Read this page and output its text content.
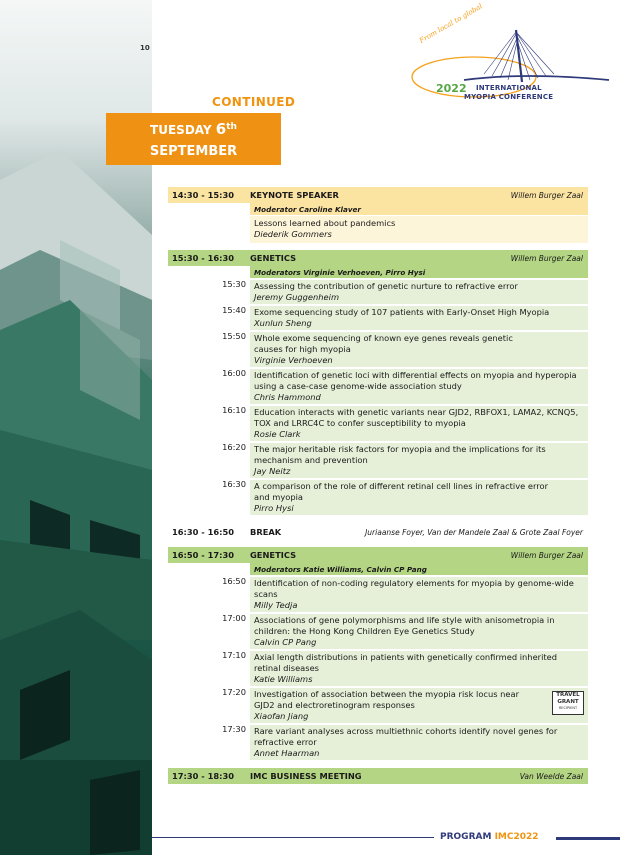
10
From local to global
2022 INTERNATIONAL
MYOPIA CONFERENCE
CONTINUED
TUESDAY 6th
SEPTEMBER
14:30 - 15:30	KEYNOTE SPEAKER	Willem Burger Zaal
Moderator Caroline Klaver
Lessons learned about pandemics
Diederik Gommers
15:30 - 16:30	GENETICS	Willem Burger Zaal
Moderators Virginie Verhoeven, Pirro Hysi
15:30 Assessing the contribution of genetic nurture to refractive error
Jeremy Guggenheim
15:40 Exome sequencing study of 107 patients with Early-Onset High Myopia
Xunlun Sheng
15:50 Whole exome sequencing of known eye genes reveals genetic
causes for high myopia
Virginie Verhoeven
16:00 Identification of genetic loci with differential effects on myopia and hyperopia
using a case-case genome-wide association study
Chris Hammond
16:10 Education interacts with genetic variants near GJD2, RBFOX1, LAMA2, KCNQ5,
TOX and LRRC4C to confer susceptibility to myopia
Rosie Clark
16:20 The major heritable risk factors for myopia and the implications for its
mechanism and prevention
Jay Neitz
16:30 A comparison of the role of different retinal cell lines in refractive error
and myopia
Pirro Hysi
16:30 - 16:50	BREAK	Juriaanse Foyer, Van der Mandele Zaal & Grote Zaal Foyer
16:50 - 17:30	GENETICS	Willem Burger Zaal
Moderators Katie Williams, Calvin CP Pang
16:50 Identification of non-coding regulatory elements for myopia by genome-wide scans
Milly Tedja
17:00 Associations of gene polymorphisms and life style with anisometropia in
children: the Hong Kong Children Eye Genetics Study
Calvin CP Pang
17:10 Axial length distributions in patients with genetically confirmed inherited
retinal diseases
Katie Williams
17:20 Investigation of association between the myopia risk locus near
GJD2 and electroretinogram responses
Xiaofan Jiang
TRAVEL
GRANT
RECIPIENT
17:30 Rare variant analyses across multiethnic cohorts identify novel genes for
refractive error
Annet Haarman
17:30 - 18:30	IMC BUSINESS MEETING	Van Weelde Zaal
PROGRAM IMC2022
